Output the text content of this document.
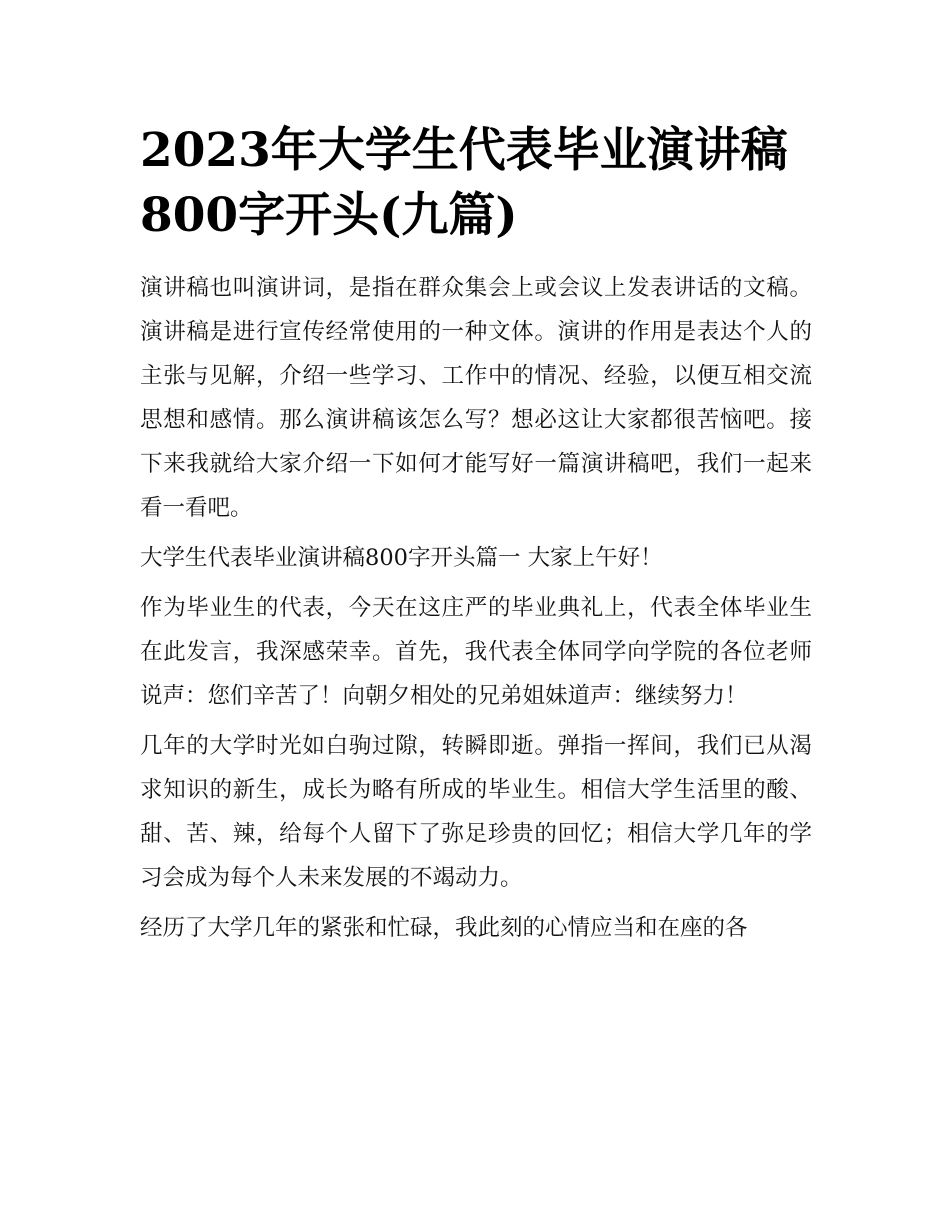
2023年大学生代表毕业演讲稿800字开头(九篇)

演讲稿也叫演讲词，是指在群众集会上或会议上发表讲话的文稿。演讲稿是进行宣传经常使用的一种文体。演讲的作用是表达个人的主张与见解，介绍一些学习、工作中的情况、经验，以便互相交流思想和感情。那么演讲稿该怎么写？想必这让大家都很苦恼吧。接下来我就给大家介绍一下如何才能写好一篇演讲稿吧，我们一起来看一看吧。

大学生代表毕业演讲稿800字开头篇一 大家上午好！

作为毕业生的代表，今天在这庄严的毕业典礼上，代表全体毕业生在此发言，我深感荣幸。首先，我代表全体同学向学院的各位老师说声：您们辛苦了！向朝夕相处的兄弟姐妹道声：继续努力！

几年的大学时光如白驹过隙，转瞬即逝。弹指一挥间，我们已从渴求知识的新生，成长为略有所成的毕业生。相信大学生活里的酸、甜、苦、辣，给每个人留下了弥足珍贵的回忆；相信大学几年的学习会成为每个人未来发展的不竭动力。

经历了大学几年的紧张和忙碌，我此刻的心情应当和在座的各
